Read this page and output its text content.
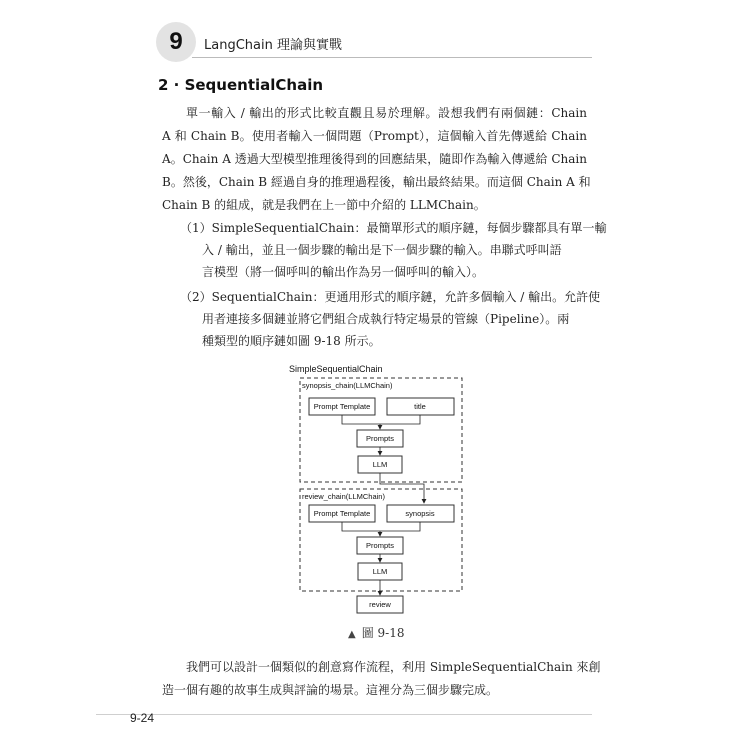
9 LangChain 理論與實戰
2 · SequentialChain
單一輸入 / 輸出的形式比較直觀且易於理解。設想我們有兩個鏈：Chain
A 和 Chain B。使用者輸入一個問題（Prompt），這個輸入首先傳遞給 Chain
A。Chain A 透過大型模型推理後得到的回應結果，隨即作為輸入傳遞給 Chain
B。然後，Chain B 經過自身的推理過程後，輸出最終結果。而這個 Chain A 和
Chain B 的組成，就是我們在上一節中介紹的 LLMChain。
（1）SimpleSequentialChain：最簡單形式的順序鏈，每個步驟都具有單一輸
入 / 輸出，並且一個步驟的輸出是下一個步驟的輸入。串聯式呼叫語
言模型（將一個呼叫的輸出作為另一個呼叫的輸入）。
（2）SequentialChain：更通用形式的順序鏈，允許多個輸入 / 輸出。允許使
用者連接多個鏈並將它們組合成執行特定場景的管線（Pipeline）。兩
種類型的順序鏈如圖 9-18 所示。
SimpleSequentialChain
synopsis_chain(LLMChain)
Prompt Template	title
Prompts
LLM
review_chain(LLMChain)
Prompt Template	synopsis
Prompts
LLM
review
▲ 圖 9-18
我們可以設計一個類似的創意寫作流程，利用 SimpleSequentialChain 來創
造一個有趣的故事生成與評論的場景。這裡分為三個步驟完成。
9-24
